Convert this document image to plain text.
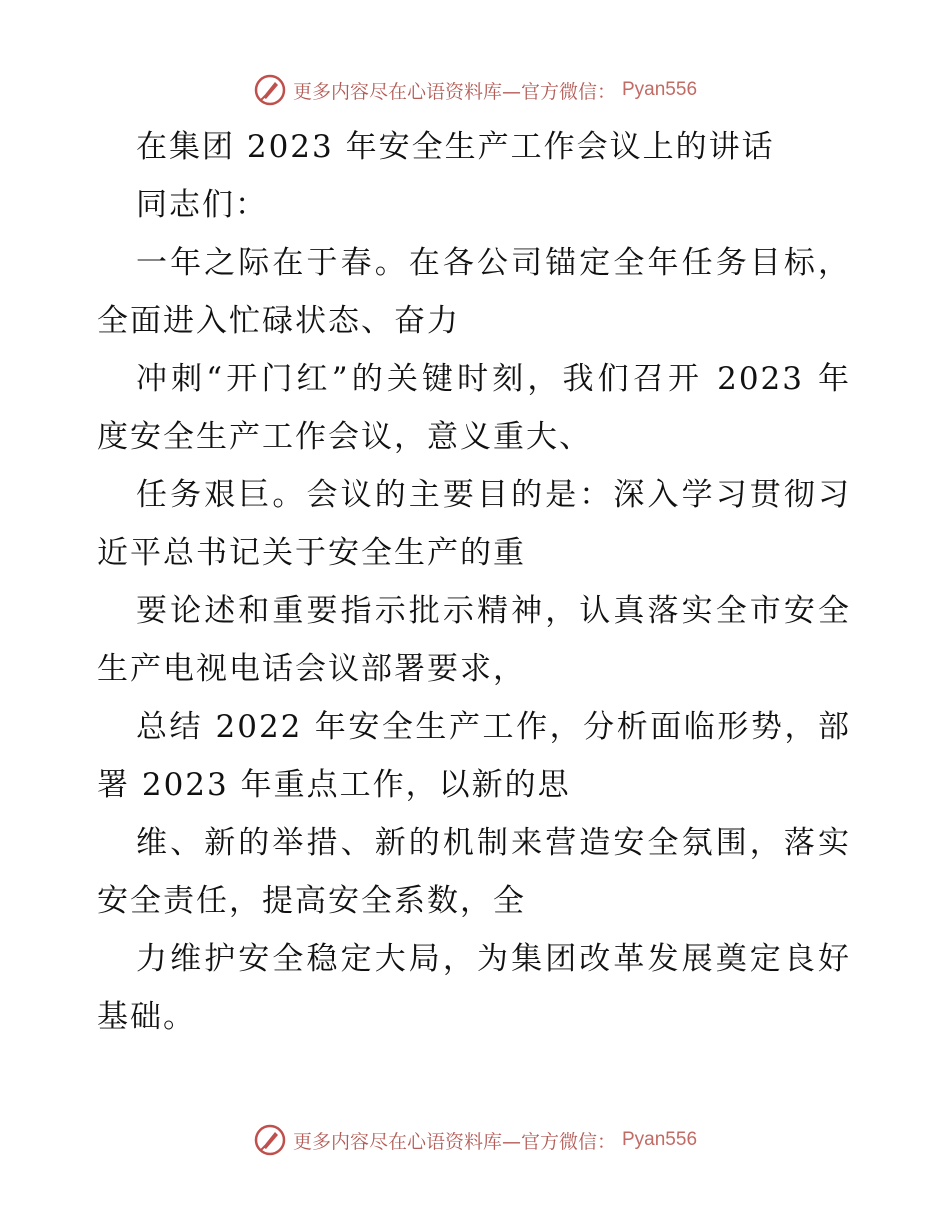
更多内容尽在心语资料库—官方微信： Pyan556
在集团 2023 年安全生产工作会议上的讲话
同志们：
一年之际在于春。在各公司锚定全年任务目标，
全面进入忙碌状态、奋力
冲刺“开门红”的关键时刻，我们召开 2023 年
度安全生产工作会议，意义重大、
任务艰巨。会议的主要目的是：深入学习贯彻习
近平总书记关于安全生产的重
要论述和重要指示批示精神，认真落实全市安全
生产电视电话会议部署要求，
总结 2022 年安全生产工作，分析面临形势，部
署 2023 年重点工作，以新的思
维、新的举措、新的机制来营造安全氛围，落实
安全责任，提高安全系数，全
力维护安全稳定大局，为集团改革发展奠定良好
基础。
更多内容尽在心语资料库—官方微信： Pyan556
